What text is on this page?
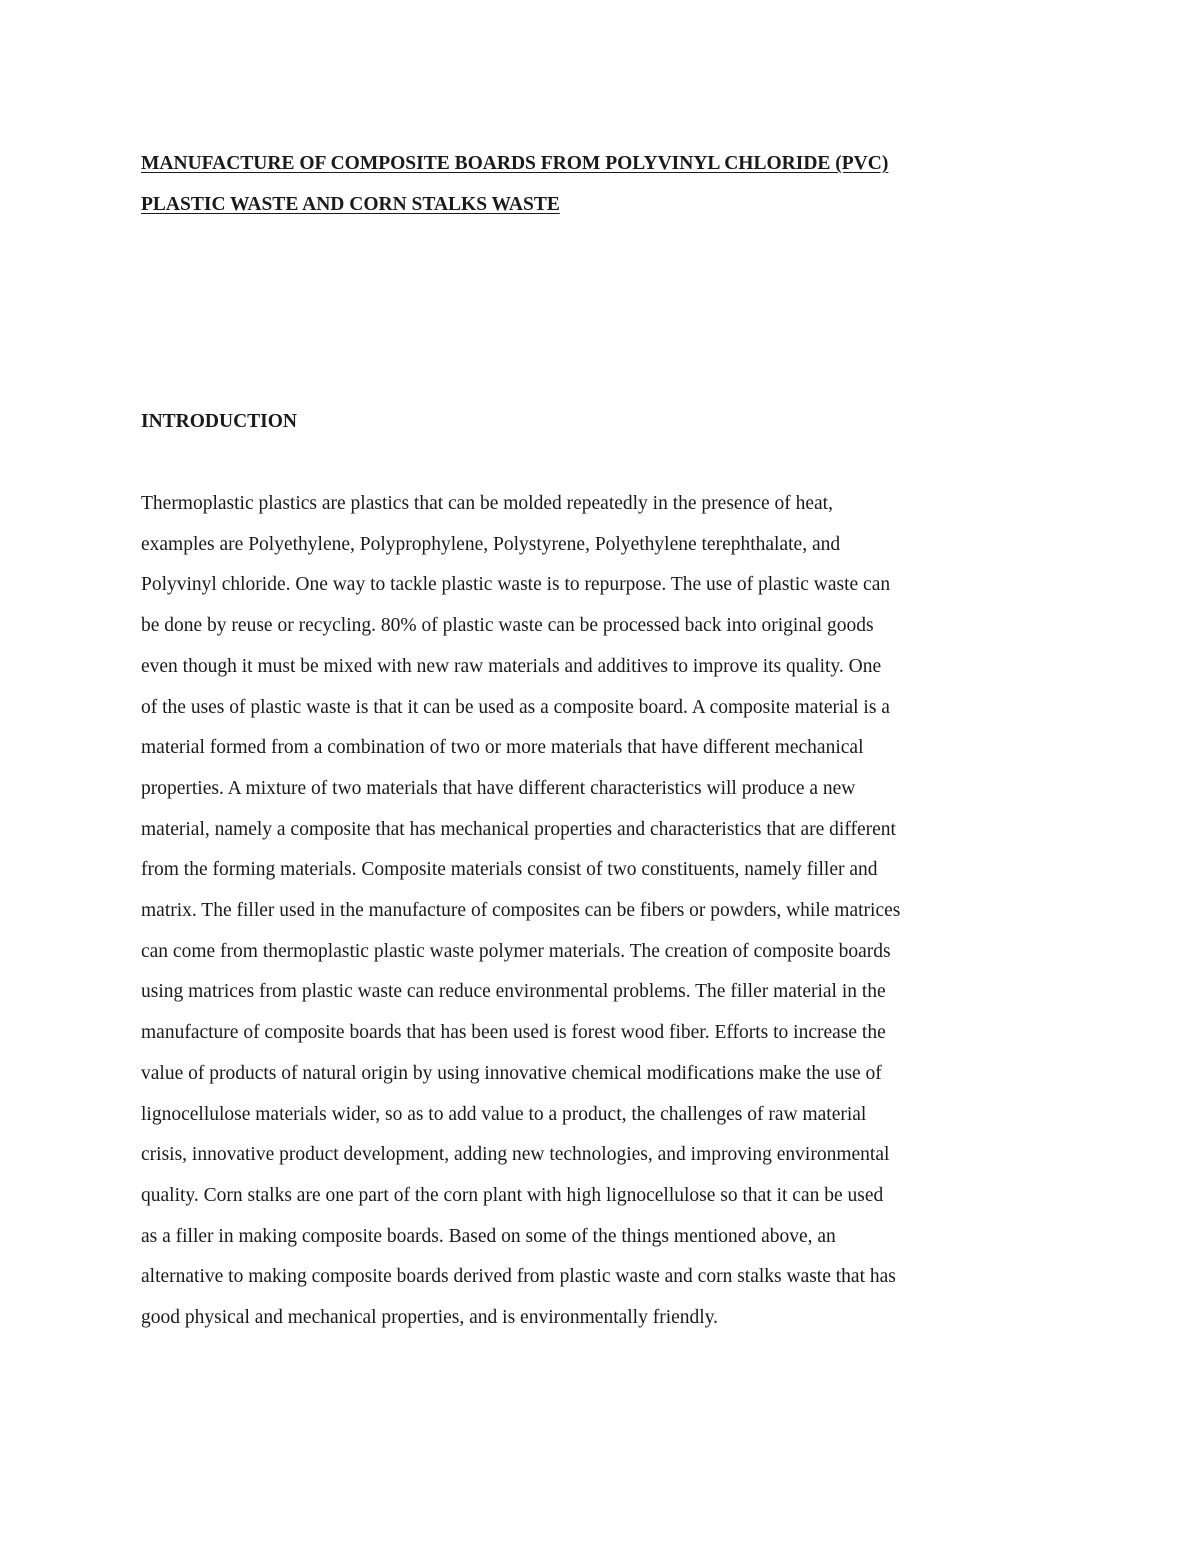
MANUFACTURE OF COMPOSITE BOARDS FROM POLYVINYL CHLORIDE (PVC)
PLASTIC WASTE AND CORN STALKS WASTE
INTRODUCTION

Thermoplastic plastics are plastics that can be molded repeatedly in the presence of heat,
examples are Polyethylene, Polyprophylene, Polystyrene, Polyethylene terephthalate, and
Polyvinyl chloride. One way to tackle plastic waste is to repurpose. The use of plastic waste can
be done by reuse or recycling. 80% of plastic waste can be processed back into original goods
even though it must be mixed with new raw materials and additives to improve its quality. One
of the uses of plastic waste is that it can be used as a composite board. A composite material is a
material formed from a combination of two or more materials that have different mechanical
properties. A mixture of two materials that have different characteristics will produce a new
material, namely a composite that has mechanical properties and characteristics that are different
from the forming materials. Composite materials consist of two constituents, namely filler and
matrix. The filler used in the manufacture of composites can be fibers or powders, while matrices
can come from thermoplastic plastic waste polymer materials. The creation of composite boards
using matrices from plastic waste can reduce environmental problems. The filler material in the
manufacture of composite boards that has been used is forest wood fiber. Efforts to increase the
value of products of natural origin by using innovative chemical modifications make the use of
lignocellulose materials wider, so as to add value to a product, the challenges of raw material
crisis, innovative product development, adding new technologies, and improving environmental
quality. Corn stalks are one part of the corn plant with high lignocellulose so that it can be used
as a filler in making composite boards. Based on some of the things mentioned above, an
alternative to making composite boards derived from plastic waste and corn stalks waste that has
good physical and mechanical properties, and is environmentally friendly.
